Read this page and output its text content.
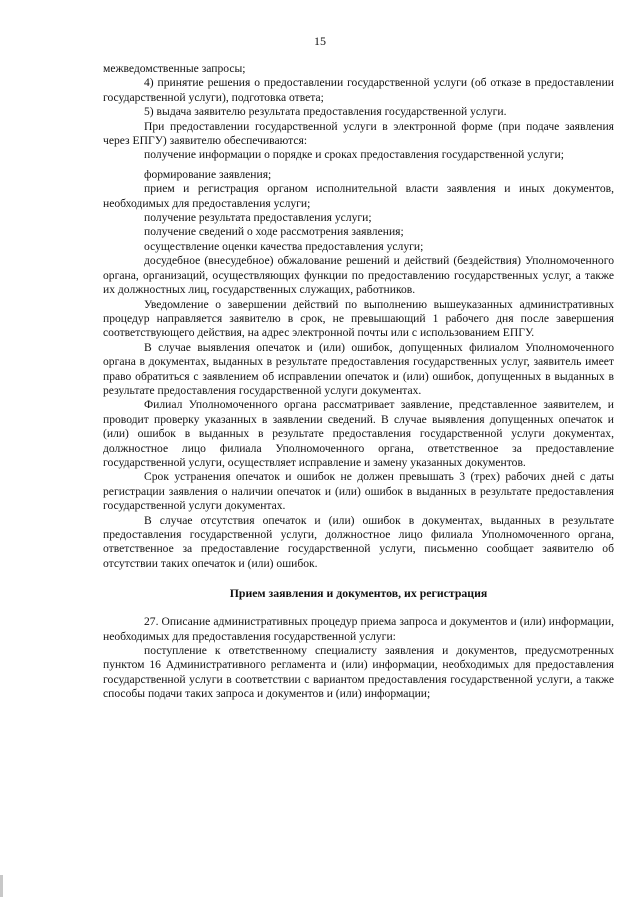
15

межведомственные запросы;

4) принятие решения о предоставлении государственной услуги (об отказе в предоставлении государственной услуги), подготовка ответа;

5) выдача заявителю результата предоставления государственной услуги.

При предоставлении государственной услуги в электронной форме (при подаче заявления через ЕПГУ) заявителю обеспечиваются:

получение информации о порядке и сроках предоставления государственной услуги;

формирование заявления;

прием и регистрация органом исполнительной власти заявления и иных документов, необходимых для предоставления услуги;

получение результата предоставления услуги;

получение сведений о ходе рассмотрения заявления;

осуществление оценки качества предоставления услуги;

досудебное (внесудебное) обжалование решений и действий (бездействия) Уполномоченного органа, организаций, осуществляющих функции по предоставлению государственных услуг, а также их должностных лиц, государственных служащих, работников.

Уведомление о завершении действий по выполнению вышеуказанных административных процедур направляется заявителю в срок, не превышающий 1 рабочего дня после завершения соответствующего действия, на адрес электронной почты или с использованием ЕПГУ.

В случае выявления опечаток и (или) ошибок, допущенных филиалом Уполномоченного органа в документах, выданных в результате предоставления государственных услуг, заявитель имеет право обратиться с заявлением об исправлении опечаток и (или) ошибок, допущенных в выданных в результате предоставления государственной услуги документах.

Филиал Уполномоченного органа рассматривает заявление, представленное заявителем, и проводит проверку указанных в заявлении сведений. В случае выявления допущенных опечаток и (или) ошибок в выданных в результате предоставления государственной услуги документах, должностное лицо филиала Уполномоченного органа, ответственное за предоставление государственной услуги, осуществляет исправление и замену указанных документов.

Срок устранения опечаток и ошибок не должен превышать 3 (трех) рабочих дней с даты регистрации заявления о наличии опечаток и (или) ошибок в выданных в результате предоставления государственной услуги документах.

В случае отсутствия опечаток и (или) ошибок в документах, выданных в результате предоставления государственной услуги, должностное лицо филиала Уполномоченного органа, ответственное за предоставление государственной услуги, письменно сообщает заявителю об отсутствии таких опечаток и (или) ошибок.

Прием заявления и документов, их регистрация

27. Описание административных процедур приема запроса и документов и (или) информации, необходимых для предоставления государственной услуги:

поступление к ответственному специалисту заявления и документов, предусмотренных пунктом 16 Административного регламента и (или) информации, необходимых для предоставления государственной услуги в соответствии с вариантом предоставления государственной услуги, а также способы подачи таких запроса и документов и (или) информации;
